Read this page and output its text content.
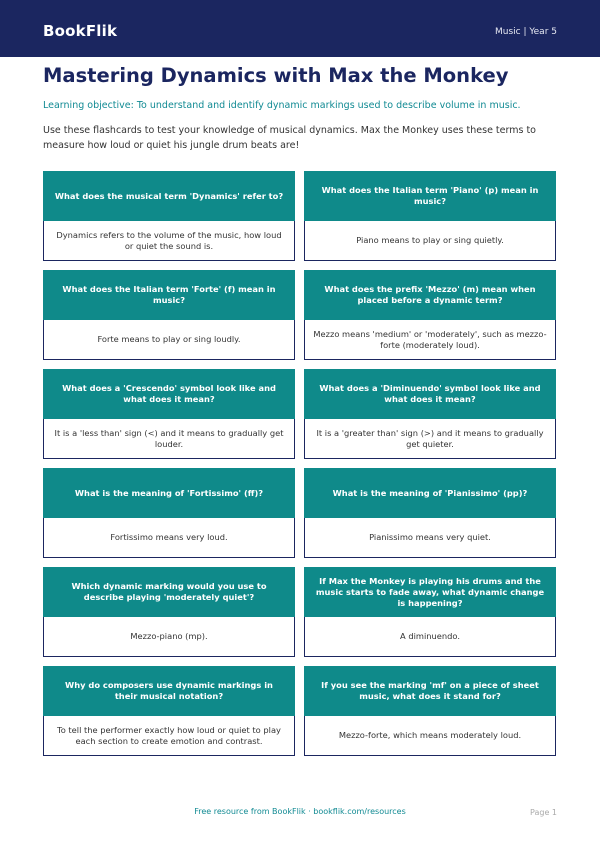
BookFlik	Music | Year 5
Mastering Dynamics with Max the Monkey
Learning objective: To understand and identify dynamic markings used to describe volume in music.
Use these flashcards to test your knowledge of musical dynamics. Max the Monkey uses these terms to measure how loud or quiet his jungle drum beats are!
What does the musical term 'Dynamics' refer to?
Dynamics refers to the volume of the music, how loud or quiet the sound is.
What does the Italian term 'Piano' (p) mean in music?
Piano means to play or sing quietly.
What does the Italian term 'Forte' (f) mean in music?
Forte means to play or sing loudly.
What does the prefix 'Mezzo' (m) mean when placed before a dynamic term?
Mezzo means 'medium' or 'moderately', such as mezzo-forte (moderately loud).
What does a 'Crescendo' symbol look like and what does it mean?
It is a 'less than' sign (<) and it means to gradually get louder.
What does a 'Diminuendo' symbol look like and what does it mean?
It is a 'greater than' sign (>) and it means to gradually get quieter.
What is the meaning of 'Fortissimo' (ff)?
Fortissimo means very loud.
What is the meaning of 'Pianissimo' (pp)?
Pianissimo means very quiet.
Which dynamic marking would you use to describe playing 'moderately quiet'?
Mezzo-piano (mp).
If Max the Monkey is playing his drums and the music starts to fade away, what dynamic change is happening?
A diminuendo.
Why do composers use dynamic markings in their musical notation?
To tell the performer exactly how loud or quiet to play each section to create emotion and contrast.
If you see the marking 'mf' on a piece of sheet music, what does it stand for?
Mezzo-forte, which means moderately loud.
Free resource from BookFlik · bookflik.com/resources	Page 1
